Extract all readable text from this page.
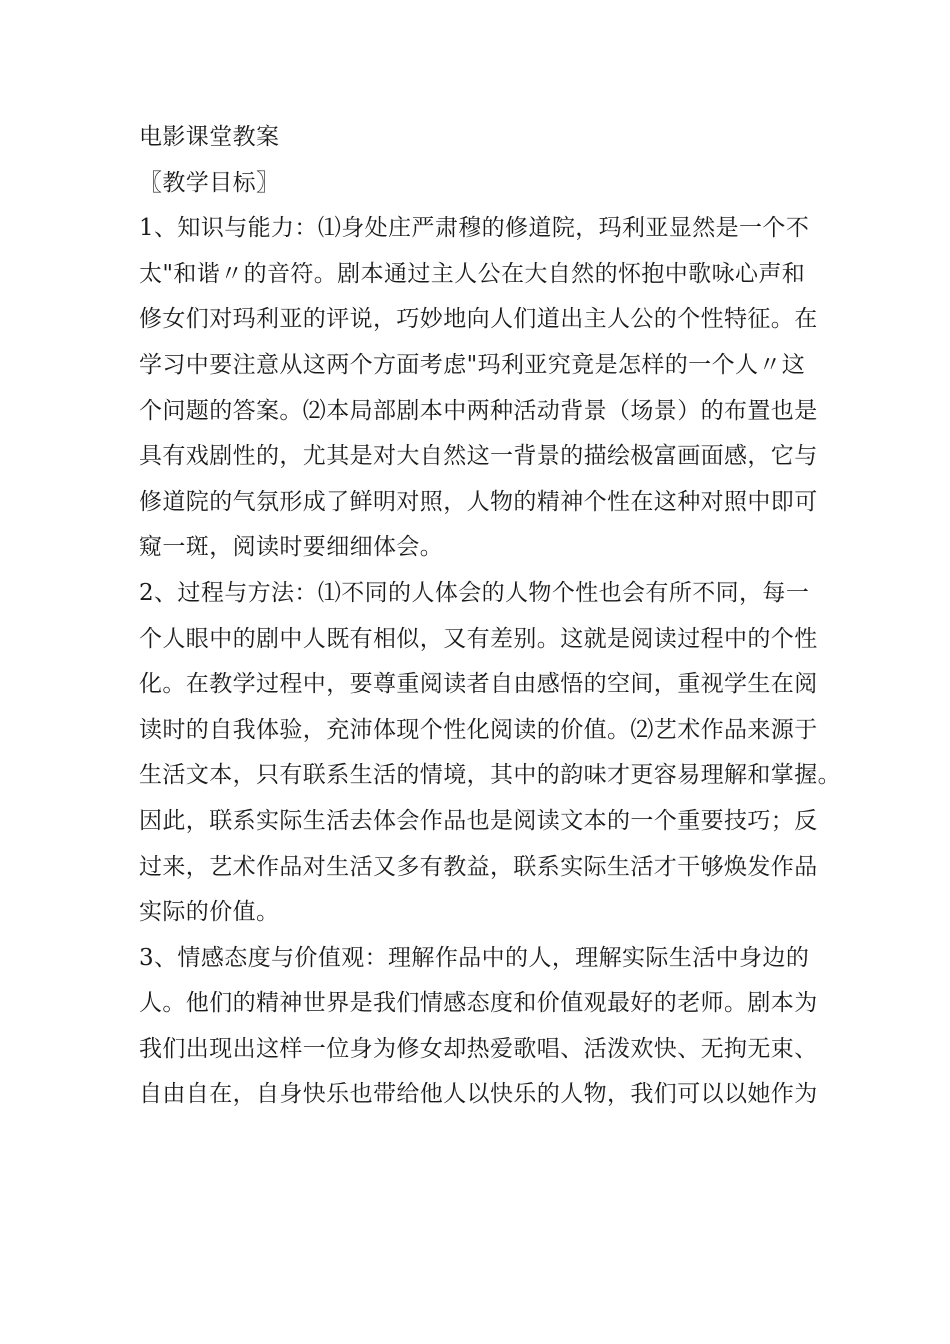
电影课堂教案
〖教学目标〗
1、知识与能力：⑴身处庄严肃穆的修道院，玛利亚显然是一个不
太"和谐〃的音符。剧本通过主人公在大自然的怀抱中歌咏心声和
修女们对玛利亚的评说，巧妙地向人们道出主人公的个性特征。在
学习中要注意从这两个方面考虑"玛利亚究竟是怎样的一个人〃这
个问题的答案。⑵本局部剧本中两种活动背景（场景）的布置也是
具有戏剧性的，尤其是对大自然这一背景的描绘极富画面感，它与
修道院的气氛形成了鲜明对照，人物的精神个性在这种对照中即可
窥一斑，阅读时要细细体会。
2、过程与方法：⑴不同的人体会的人物个性也会有所不同，每一
个人眼中的剧中人既有相似，又有差别。这就是阅读过程中的个性
化。在教学过程中，要尊重阅读者自由感悟的空间，重视学生在阅
读时的自我体验，充沛体现个性化阅读的价值。⑵艺术作品来源于
生活文本，只有联系生活的情境，其中的韵味才更容易理解和掌握。
因此，联系实际生活去体会作品也是阅读文本的一个重要技巧；反
过来，艺术作品对生活又多有教益，联系实际生活才干够焕发作品
实际的价值。
3、情感态度与价值观：理解作品中的人，理解实际生活中身边的
人。他们的精神世界是我们情感态度和价值观最好的老师。剧本为
我们出现出这样一位身为修女却热爱歌唱、活泼欢快、无拘无束、
自由自在，自身快乐也带给他人以快乐的人物，我们可以以她作为
